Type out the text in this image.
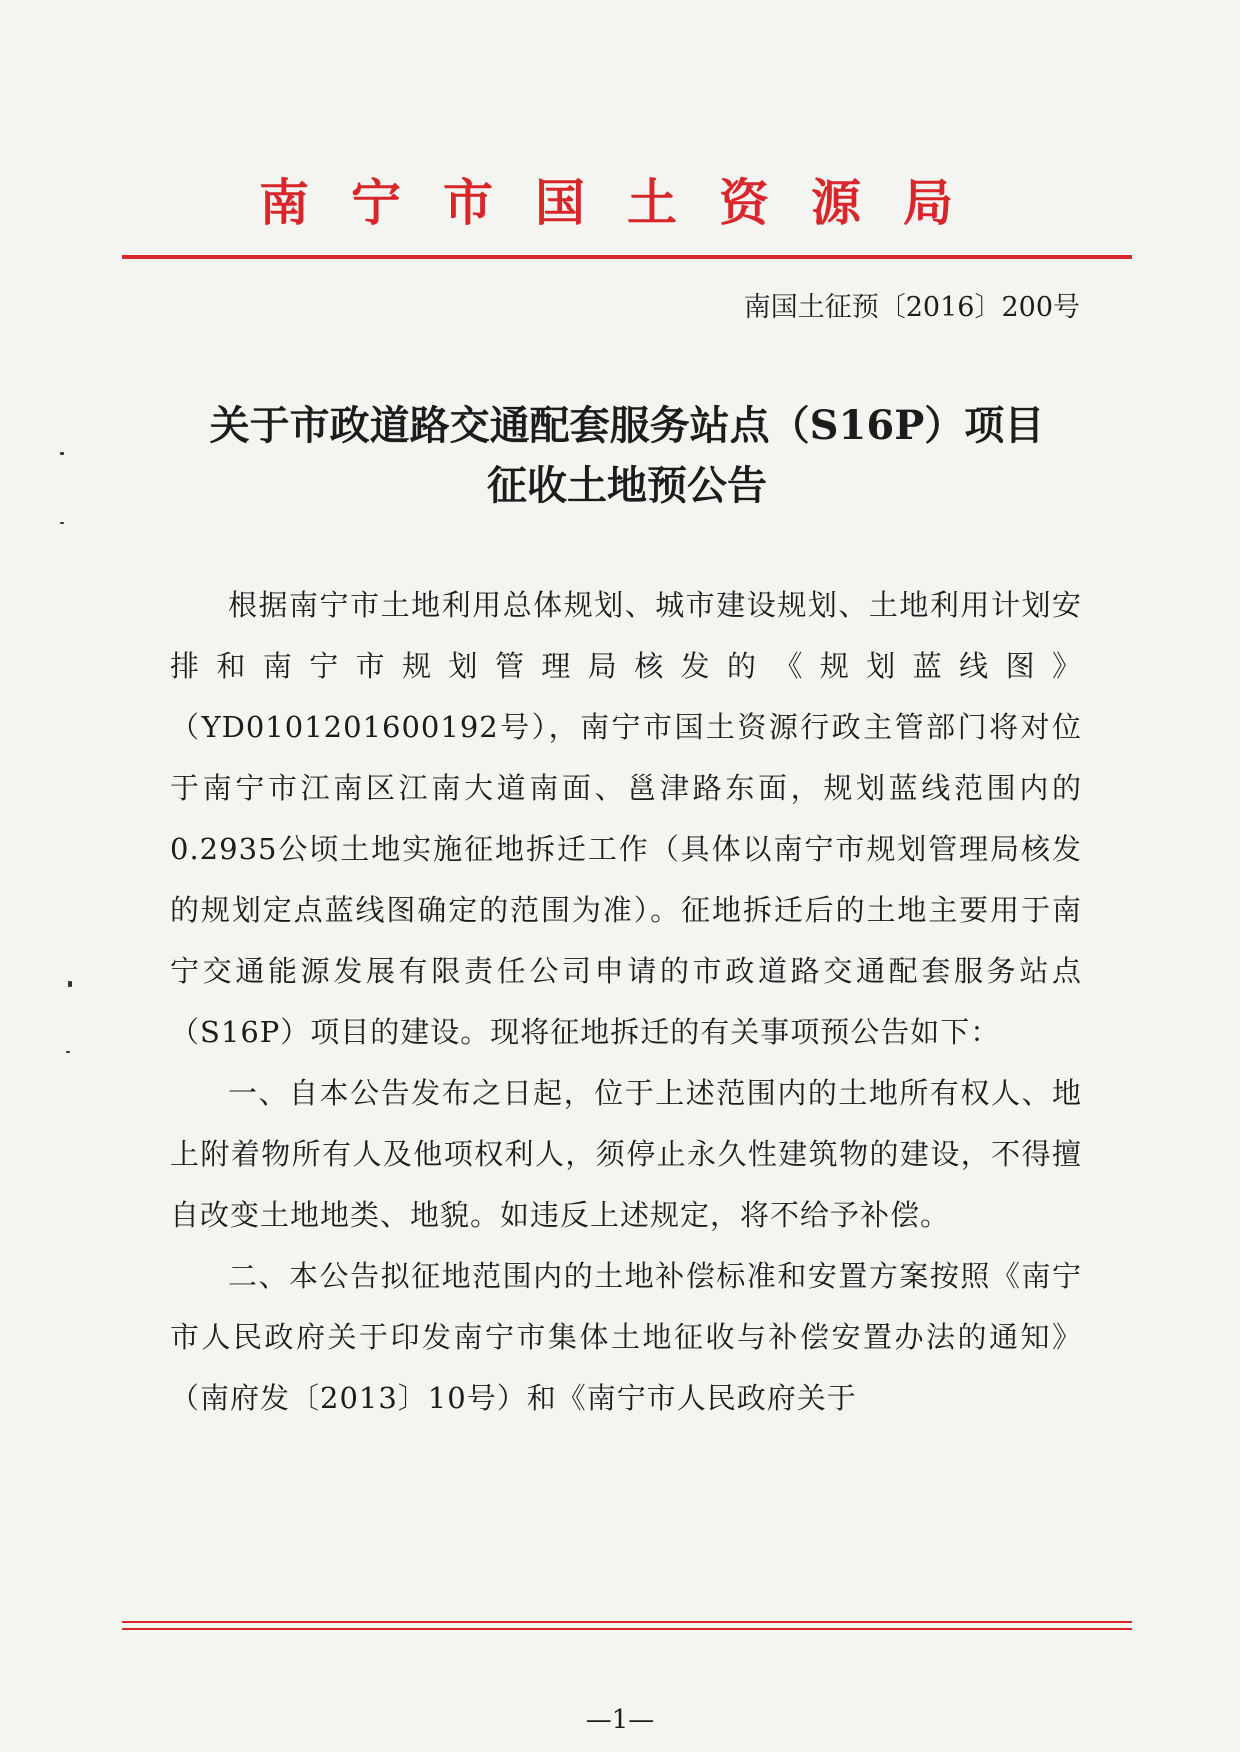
南宁市国土资源局
南国土征预〔2016〕200号
关于市政道路交通配套服务站点（S16P）项目
征收土地预公告

根据南宁市土地利用总体规划、城市建设规划、土地利用计划安排和南宁市规划管理局核发的《规划蓝线图》（YD0101201600192号），南宁市国土资源行政主管部门将对位于南宁市江南区江南大道南面、邕津路东面，规划蓝线范围内的0.2935公顷土地实施征地拆迁工作（具体以南宁市规划管理局核发的规划定点蓝线图确定的范围为准）。征地拆迁后的土地主要用于南宁交通能源发展有限责任公司申请的市政道路交通配套服务站点（S16P）项目的建设。现将征地拆迁的有关事项预公告如下：

一、自本公告发布之日起，位于上述范围内的土地所有权人、地上附着物所有人及他项权利人，须停止永久性建筑物的建设，不得擅自改变土地地类、地貌。如违反上述规定，将不给予补偿。

二、本公告拟征地范围内的土地补偿标准和安置方案按照《南宁市人民政府关于印发南宁市集体土地征收与补偿安置办法的通知》（南府发〔2013〕10号）和《南宁市人民政府关于

—1—
